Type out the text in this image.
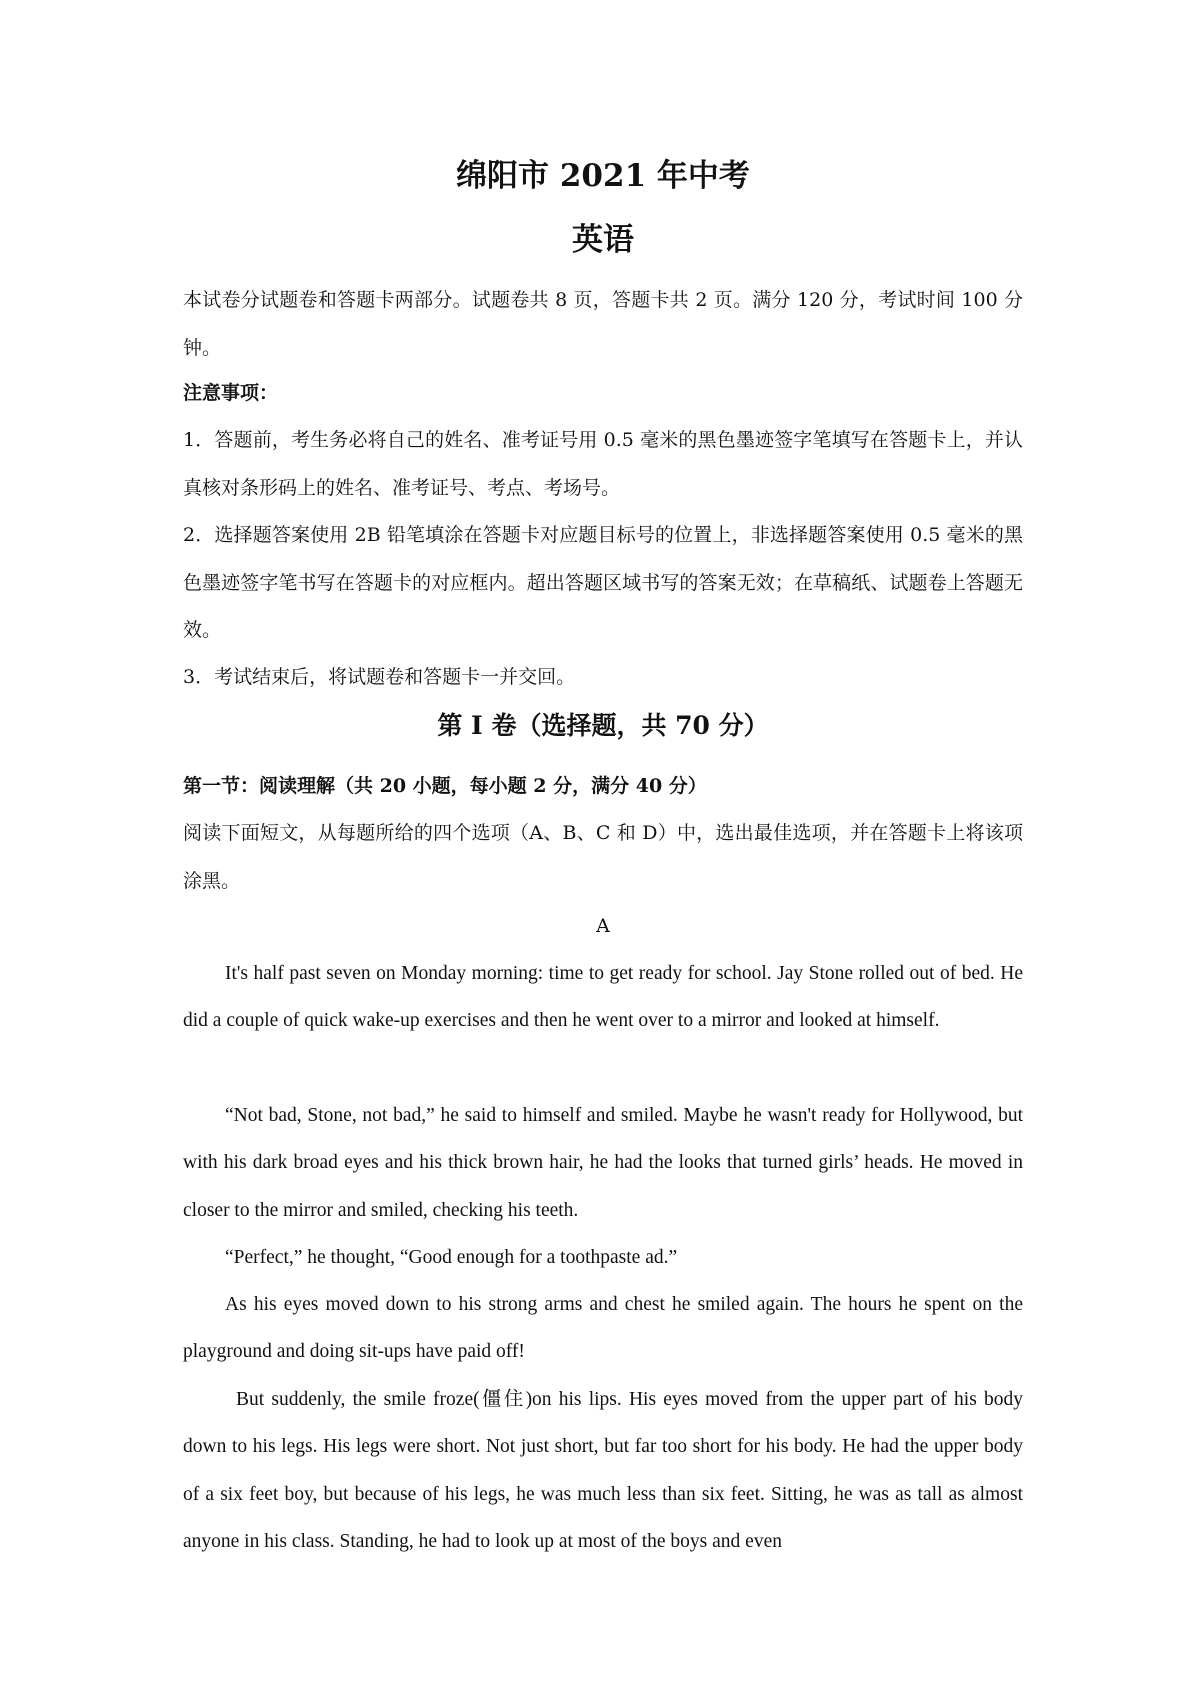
绵阳市 2021 年中考
英语

本试卷分试题卷和答题卡两部分。试题卷共 8 页，答题卡共 2 页。满分 120 分，考试时间 100 分钟。

注意事项：

1．答题前，考生务必将自己的姓名、准考证号用 0.5 毫米的黑色墨迹签字笔填写在答题卡上，并认真核对条形码上的姓名、准考证号、考点、考场号。

2．选择题答案使用 2B 铅笔填涂在答题卡对应题目标号的位置上，非选择题答案使用 0.5 毫米的黑色墨迹签字笔书写在答题卡的对应框内。超出答题区域书写的答案无效；在草稿纸、试题卷上答题无效。

3．考试结束后，将试题卷和答题卡一并交回。

第 I 卷（选择题，共 70 分）

第一节：阅读理解（共 20 小题，每小题 2 分，满分 40 分）

阅读下面短文，从每题所给的四个选项（A、B、C 和 D）中，选出最佳选项，并在答题卡上将该项涂黑。

A

It's half past seven on Monday morning: time to get ready for school. Jay Stone rolled out of bed. He did a couple of quick wake-up exercises and then he went over to a mirror and looked at himself.

“Not bad, Stone, not bad,” he said to himself and smiled. Maybe he wasn't ready for Hollywood, but with his dark broad eyes and his thick brown hair, he had the looks that turned girls’ heads. He moved in closer to the mirror and smiled, checking his teeth.

“Perfect,” he thought, “Good enough for a toothpaste ad.”

As his eyes moved down to his strong arms and chest he smiled again. The hours he spent on the playground and doing sit-ups have paid off!

But suddenly, the smile froze(僵住)on his lips. His eyes moved from the upper part of his body down to his legs. His legs were short. Not just short, but far too short for his body. He had the upper body of a six feet boy, but because of his legs, he was much less than six feet. Sitting, he was as tall as almost anyone in his class. Standing, he had to look up at most of the boys and even
